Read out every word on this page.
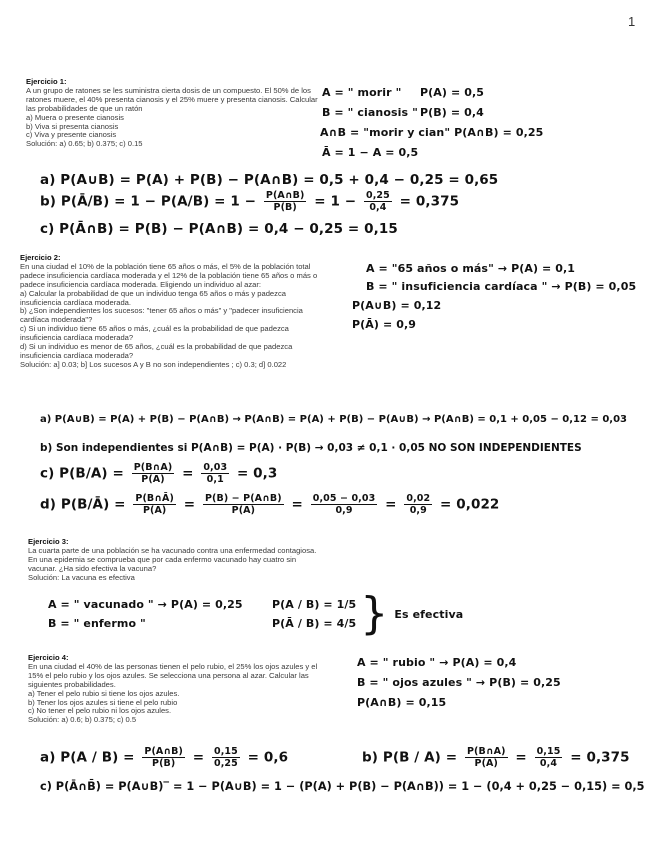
1
Ejercicio 1:
A un grupo de ratones se les suministra cierta dosis de un compuesto. El 50% de los
ratones muere, el 40% presenta cianosis y el 25% muere y presenta cianosis. Calcular
las probabilidades de que un ratón
a) Muera o presente cianosis
b) Viva si presenta cianosis
c) Viva y presente cianosis
Solución: a) 0.65; b) 0.375; c) 0.15
A = " morir " P(A) = 0,5
B = " cianosis " P(B) = 0,4
A∩B = "morir y cian" P(A∩B) = 0,25
Ā = 1 − A = 0,5
a) P(A∪B) = P(A) + P(B) − P(A∩B) = 0,5 + 0,4 − 0,25 = 0,65
b) P(Ā/B) = $1 - P(A/B) = 1 - \frac{P(A\cap B)}{P(B)} = 1 - \frac{0,25}{0,4} = 0,375$
c) P(Ā∩B) = P(B) − P(A∩B) = 0,4 − 0,25 = 0,15
Ejercicio 2:
En una ciudad el 10% de la población tiene 65 años o más, el 5% de la población total
padece insuficiencia cardíaca moderada y el 12% de la población tiene 65 años o más o
padece insuficiencia cardíaca moderada. Eligiendo un individuo al azar:
a) Calcular la probabilidad de que un individuo tenga 65 años o más y padezca
insuficiencia cardíaca moderada.
b) ¿Son independientes los sucesos: "tener 65 años o más" y "padecer insuficiencia
cardíaca moderada"?
c) Si un individuo tiene 65 años o más, ¿cuál es la probabilidad de que padezca
insuficiencia cardíaca moderada?
d) Si un individuo es menor de 65 años, ¿cuál es la probabilidad de que padezca
insuficiencia cardíaca moderada?
Solución: a] 0.03; b] Los sucesos A y B no son independientes ; c) 0.3; d] 0.022
A = "65 años o más" → P(A) = 0,1
B = " insuficiencia cardíaca " → P(B) = 0,05
P(A∪B) = 0,12
P(Ā) = 0,9
a) P(A∪B) = P(A) + P(B) − P(A∩B) → P(A∩B) = P(A) + P(B) − P(A∪B) → P(A∩B) = 0,1 + 0,05 − 0,12 = 0,03
b) Son independientes si P(A∩B) = P(A) · P(B) → 0,03 ≠ 0,1 · 0,05 NO SON INDEPENDIENTES
c) $P(B/A) = \frac{P(B\cap A)}{P(A)} = \frac{0,03}{0,1} = 0,3$
d) P(B/Ā) = $\frac{P(B\cap Ā)}{P(Ā)} = \frac{P(B) - P(A\cap B)}{P(Ā)} = \frac{0,05 - 0,03}{0,9} = \frac{0,02}{0,9} = 0,022$
Ejercicio 3:
La cuarta parte de una población se ha vacunado contra una enfermedad contagiosa.
En una epidemia se comprueba que por cada enfermo vacunado hay cuatro sin
vacunar. ¿Ha sido efectiva la vacuna?
Solución: La vacuna es efectiva
A = " vacunado " → P(A) = 0,25
B = " enfermo "
P(A / B) = 1/5
P(Ā / B) = 4/5 } Es efectiva
Ejercicio 4:
En una ciudad el 40% de las personas tienen el pelo rubio, el 25% los ojos azules y el
15% el pelo rubio y los ojos azules. Se selecciona una persona al azar. Calcular las
siguientes probabilidades.
a) Tener el pelo rubio si tiene los ojos azules.
b) Tener los ojos azules si tiene el pelo rubio
c) No tener el pelo rubio ni los ojos azules.
Solución: a) 0.6; b) 0.375; c) 0.5
A = " rubio " → P(A) = 0,4
B = " ojos azules " → P(B) = 0,25
P(A∩B) = 0,15
a) $P(A / B) = \frac{P(A\cap B)}{P(B)} = \frac{0,15}{0,25} = 0,6$	b) $P(B / A) = \frac{P(B\cap A)}{P(A)} = \frac{0,15}{0,4} = 0,375$
c) P(Ā∩B̄) = P(A∪B)‾ = 1 − P(A∪B) = 1 − (P(A) + P(B) − P(A∩B)) = 1 − (0,4 + 0,25 − 0,15) = 0,5
